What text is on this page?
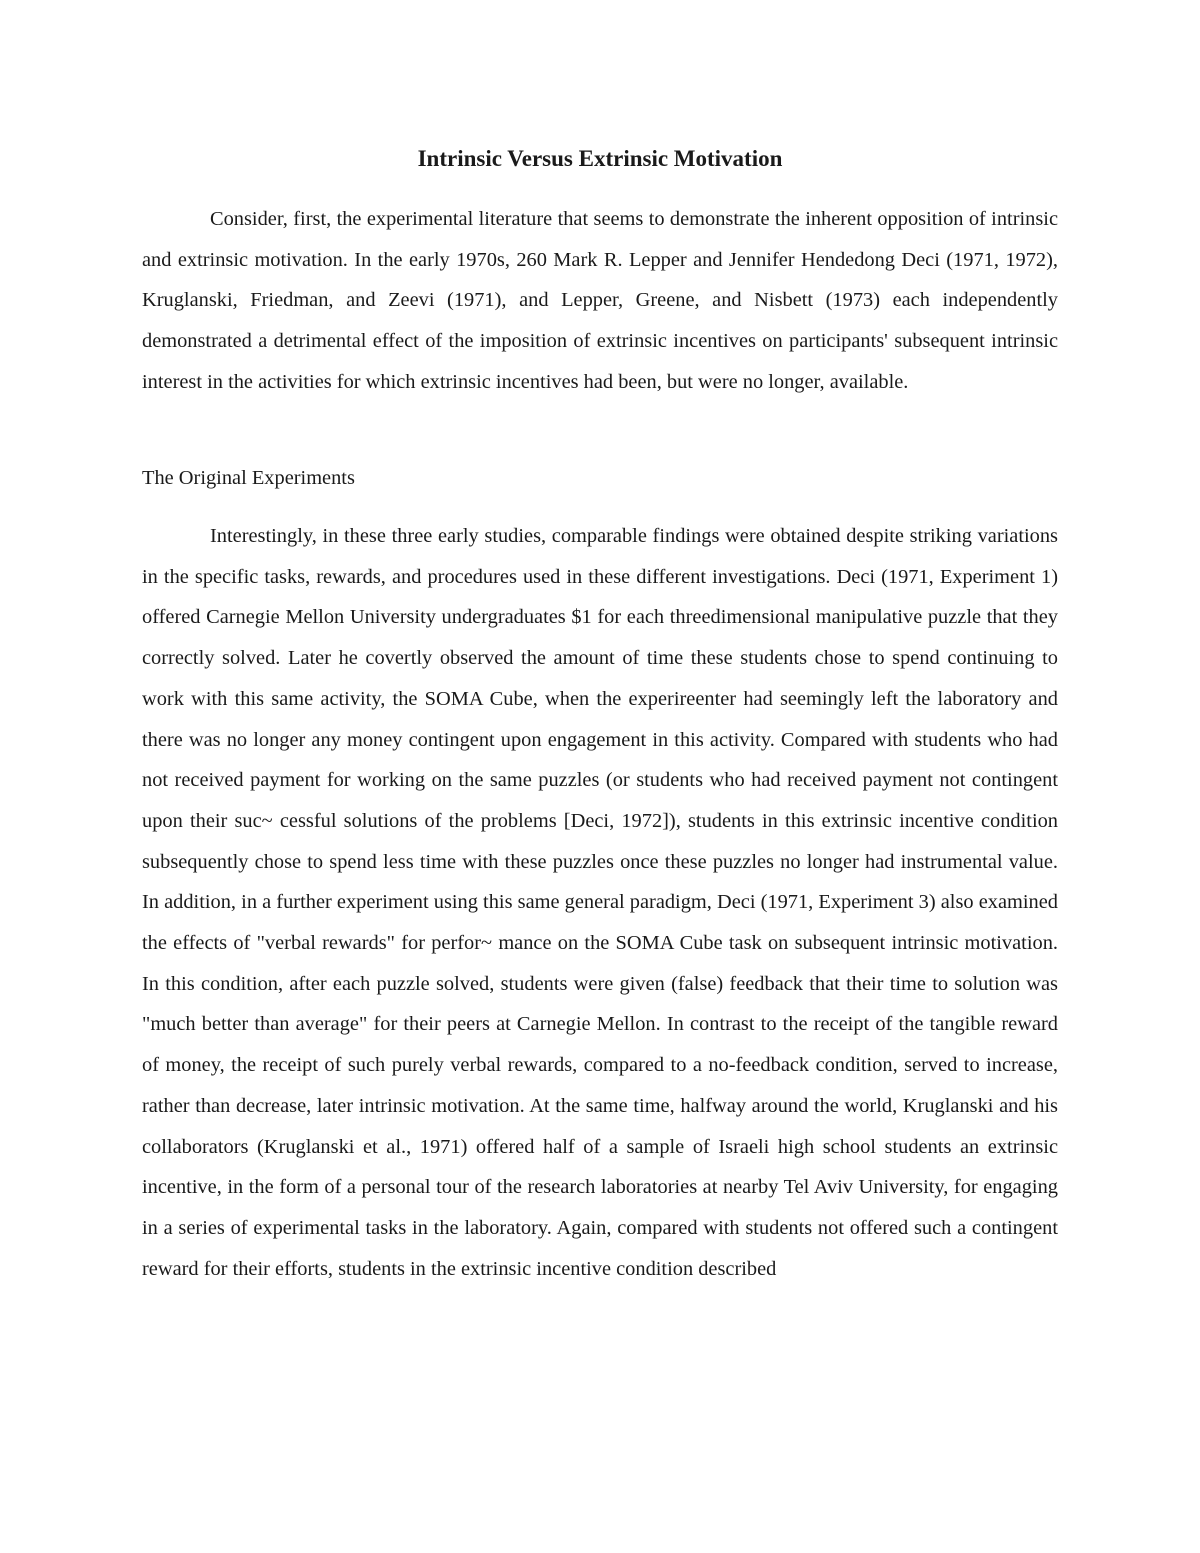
Intrinsic Versus Extrinsic Motivation

Consider, first, the experimental literature that seems to demonstrate the inherent opposition of intrinsic and extrinsic motivation. In the early 1970s, 260 Mark R. Lepper and Jennifer Hendedong Deci (1971, 1972), Kruglanski, Friedman, and Zeevi (1971), and Lepper, Greene, and Nisbett (1973) each independently demonstrated a detrimental effect of the imposition of extrinsic incentives on participants' subsequent intrinsic interest in the activities for which extrinsic incentives had been, but were no longer, available.

The Original Experiments

Interestingly, in these three early studies, comparable findings were obtained despite striking variations in the specific tasks, rewards, and procedures used in these different investigations. Deci (1971, Experiment 1) offered Carnegie Mellon University undergraduates $1 for each threedimensional manipulative puzzle that they correctly solved. Later he covertly observed the amount of time these students chose to spend continuing to work with this same activity, the SOMA Cube, when the experireenter had seemingly left the laboratory and there was no longer any money contingent upon engagement in this activity. Compared with students who had not received payment for working on the same puzzles (or students who had received payment not contingent upon their suc~ cessful solutions of the problems [Deci, 1972]), students in this extrinsic incentive condition subsequently chose to spend less time with these puzzles once these puzzles no longer had instrumental value. In addition, in a further experiment using this same general paradigm, Deci (1971, Experiment 3) also examined the effects of "verbal rewards" for perfor~ mance on the SOMA Cube task on subsequent intrinsic motivation. In this condition, after each puzzle solved, students were given (false) feedback that their time to solution was "much better than average" for their peers at Carnegie Mellon. In contrast to the receipt of the tangible reward of money, the receipt of such purely verbal rewards, compared to a no-feedback condition, served to increase, rather than decrease, later intrinsic motivation. At the same time, halfway around the world, Kruglanski and his collaborators (Kruglanski et al., 1971) offered half of a sample of Israeli high school students an extrinsic incentive, in the form of a personal tour of the research laboratories at nearby Tel Aviv University, for engaging in a series of experimental tasks in the laboratory. Again, compared with students not offered such a contingent reward for their efforts, students in the extrinsic incentive condition described
